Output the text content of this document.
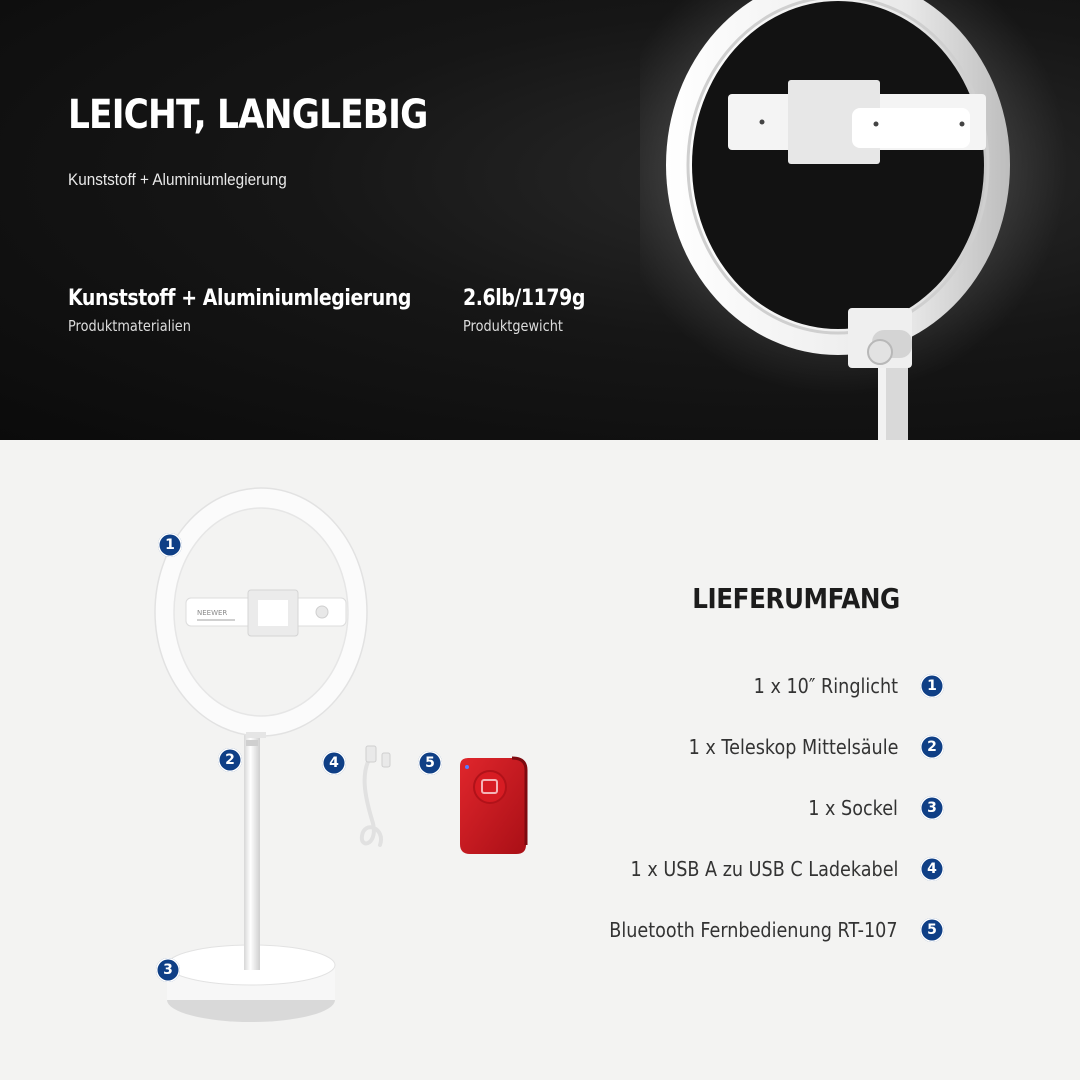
LEICHT, LANGLEBIG
Kunststoff + Aluminiumlegierung
Kunststoff + Aluminiumlegierung
Produktmaterialien
2.6lb/1179g
Produktgewicht
NEEWER
1
2
3
4	5
LIEFERUMFANG
1 x 10″ Ringlicht	1
1 x Teleskop Mittelsäule	2
1 x Sockel	3
1 x USB A zu USB C Ladekabel	4
Bluetooth Fernbedienung RT-107	5
